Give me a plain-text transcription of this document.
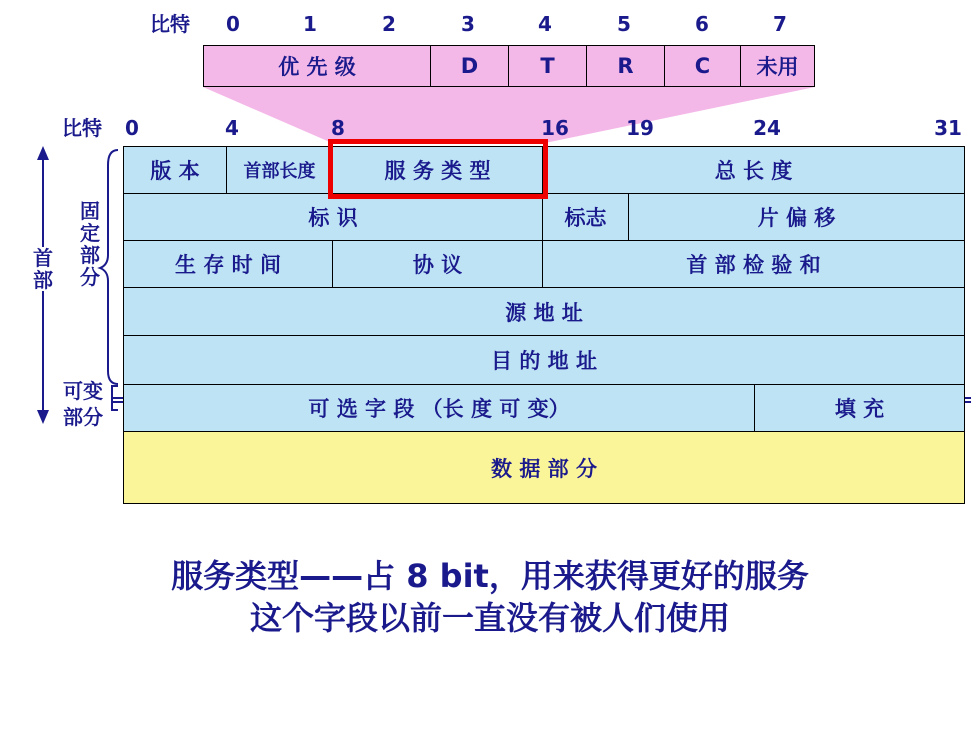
比特 0	1	2	3	4	5	6	7
优 先 级	D	T	R	C	未用
比特 0	4	8	16	19	24	31
版 本	首部长度	服 务 类 型	总 长 度
标 识	标志	片 偏 移
生 存 时 间	协 议	首 部 检 验 和
源 地 址
目 的 地 址
可 选 字 段 （长 度 可 变）	填 充
数 据 部 分
首部
固定部分
可变
部分
服务类型——占 8 bit，用来获得更好的服务
这个字段以前一直没有被人们使用
